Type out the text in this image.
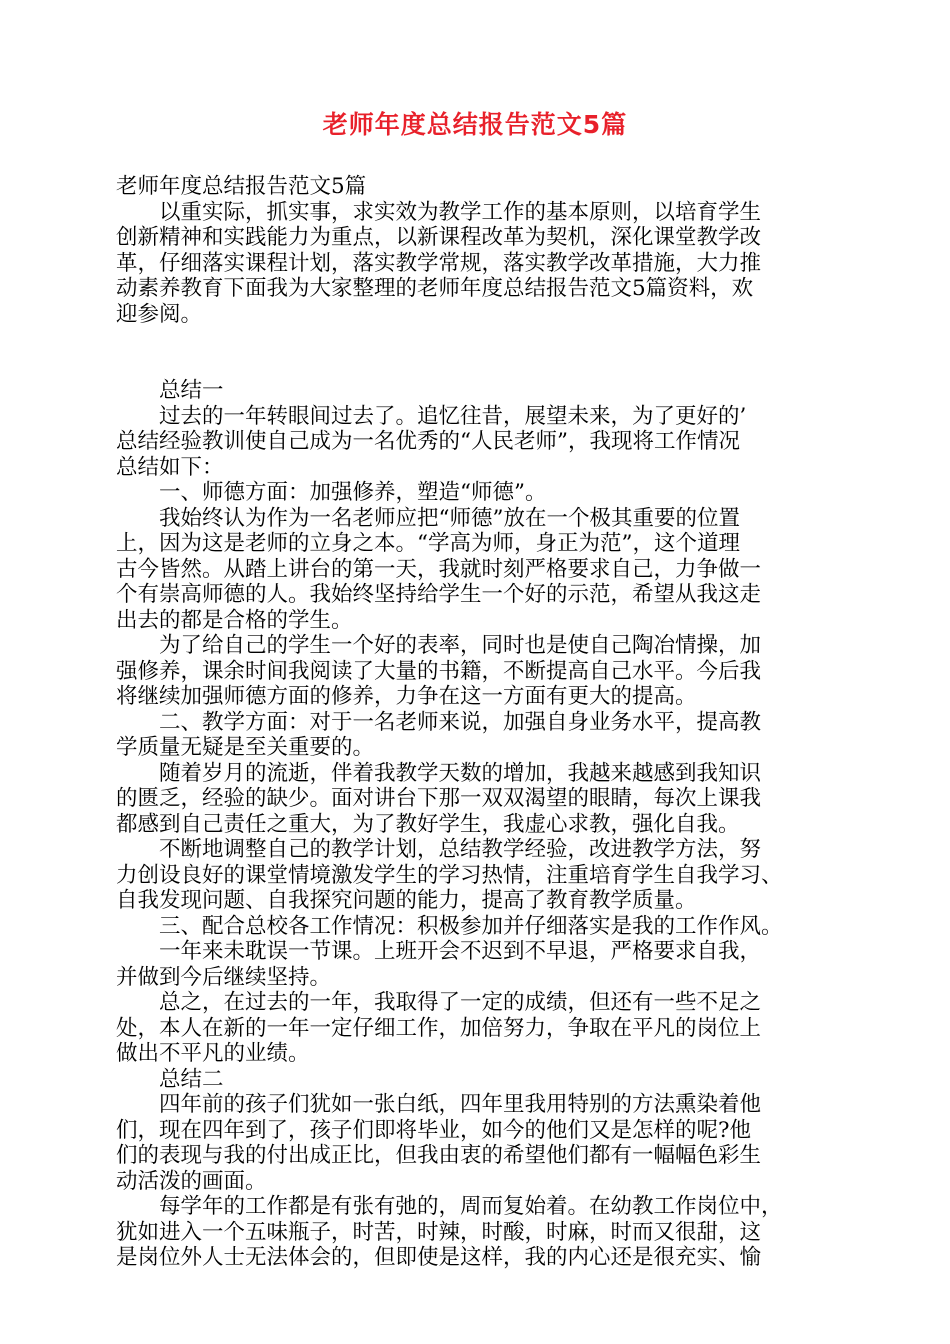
老师年度总结报告范文5篇
老师年度总结报告范文5篇
以重实际，抓实事，求实效为教学工作的基本原则，以培育学生
创新精神和实践能力为重点，以新课程改革为契机，深化课堂教学改
革，仔细落实课程计划，落实教学常规，落实教学改革措施，大力推
动素养教育下面我为大家整理的老师年度总结报告范文5篇资料，欢
迎参阅。
总结一
过去的一年转眼间过去了。追忆往昔，展望未来，为了更好的’
总结经验教训使自己成为一名优秀的“人民老师”，我现将工作情况
总结如下：
一、师德方面：加强修养，塑造“师德”。
我始终认为作为一名老师应把“师德”放在一个极其重要的位置
上，因为这是老师的立身之本。“学高为师，身正为范”，这个道理
古今皆然。从踏上讲台的第一天，我就时刻严格要求自己，力争做一
个有崇高师德的人。我始终坚持给学生一个好的示范，希望从我这走
出去的都是合格的学生。
为了给自己的学生一个好的表率，同时也是使自己陶冶情操，加
强修养，课余时间我阅读了大量的书籍，不断提高自己水平。今后我
将继续加强师德方面的修养，力争在这一方面有更大的提高。
二、教学方面：对于一名老师来说，加强自身业务水平，提高教
学质量无疑是至关重要的。
随着岁月的流逝，伴着我教学天数的增加，我越来越感到我知识
的匮乏，经验的缺少。面对讲台下那一双双渴望的眼睛，每次上课我
都感到自己责任之重大，为了教好学生，我虚心求教，强化自我。
不断地调整自己的教学计划，总结教学经验，改进教学方法，努
力创设良好的课堂情境激发学生的学习热情，注重培育学生自我学习、
自我发现问题、自我探究问题的能力，提高了教育教学质量。
三、配合总校各工作情况：积极参加并仔细落实是我的工作作风。
一年来未耽误一节课。上班开会不迟到不早退，严格要求自我，
并做到今后继续坚持。
总之，在过去的一年，我取得了一定的成绩，但还有一些不足之
处，本人在新的一年一定仔细工作，加倍努力，争取在平凡的岗位上
做出不平凡的业绩。
总结二
四年前的孩子们犹如一张白纸，四年里我用特别的方法熏染着他
们，现在四年到了，孩子们即将毕业，如今的他们又是怎样的呢?他
们的表现与我的付出成正比，但我由衷的希望他们都有一幅幅色彩生
动活泼的画面。
每学年的工作都是有张有弛的，周而复始着。在幼教工作岗位中，
犹如进入一个五味瓶子，时苦，时辣，时酸，时麻，时而又很甜，这
是岗位外人士无法体会的，但即使是这样，我的内心还是很充实、愉
